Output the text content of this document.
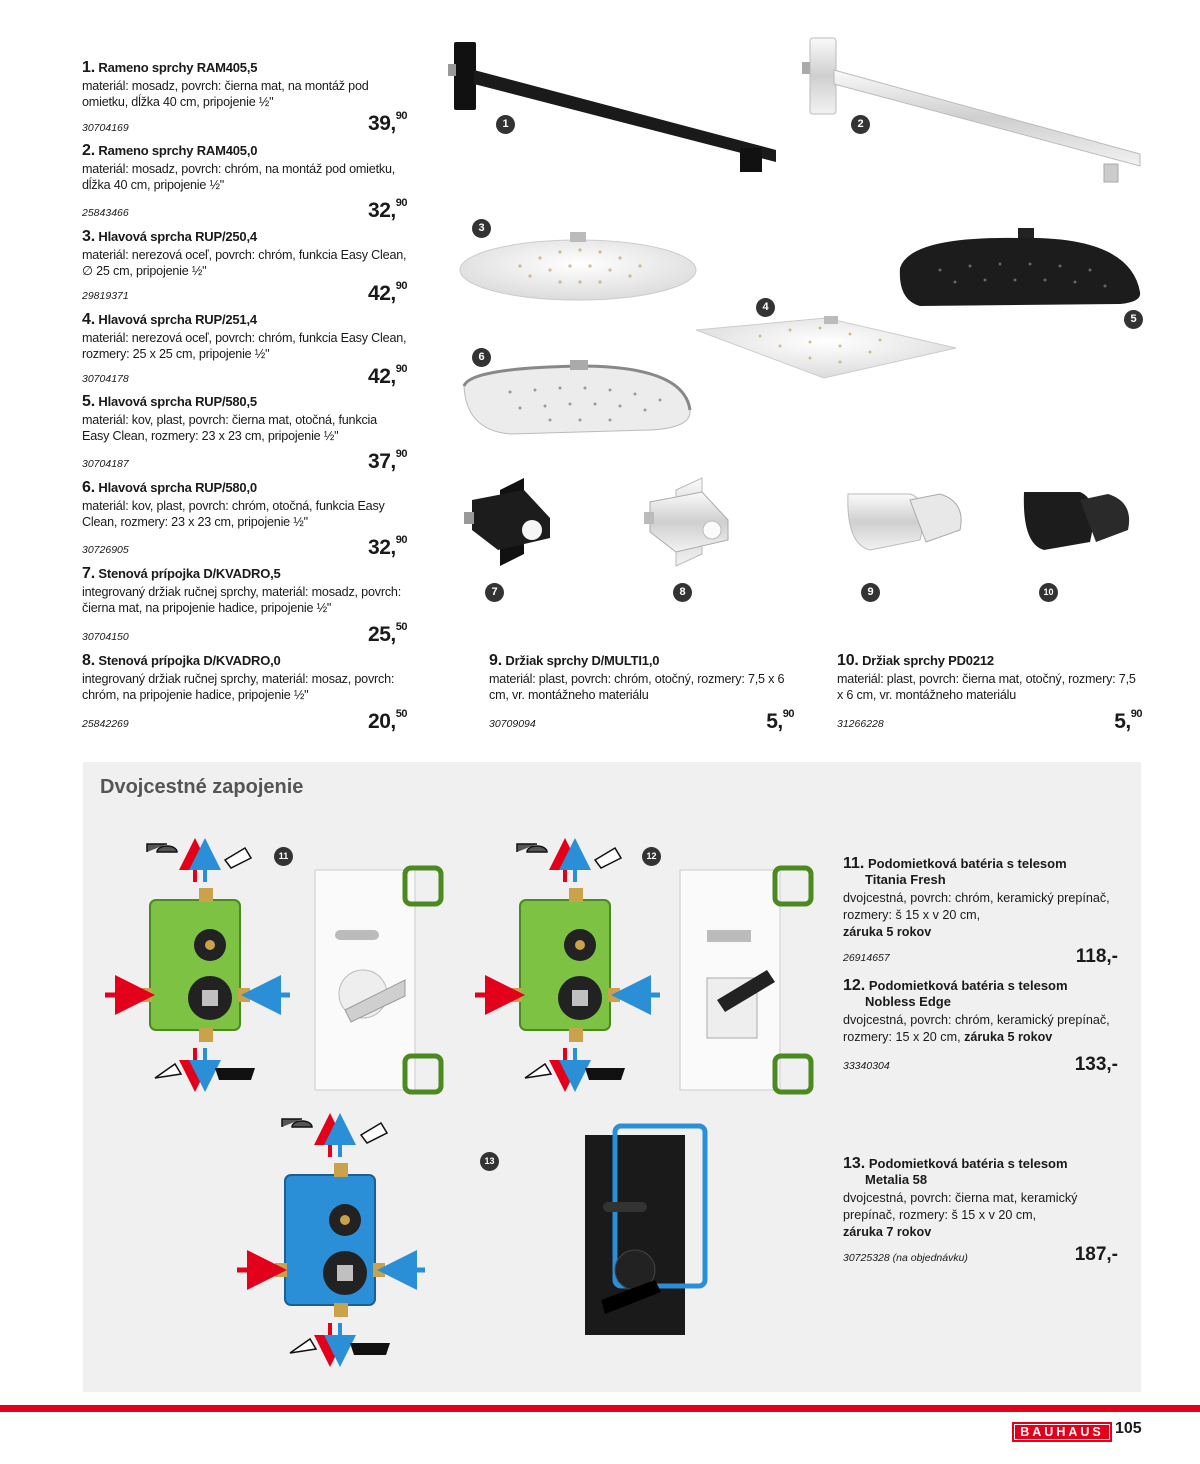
1. Rameno sprchy RAM405,5
materiál: mosadz, povrch: čierna mat, na montáž pod omietku, dĺžka 40 cm, pripojenie ½"
30704169	39,90
2. Rameno sprchy RAM405,0
materiál: mosadz, povrch: chróm, na montáž pod omietku, dĺžka 40 cm, pripojenie ½"
25843466	32,90
3. Hlavová sprcha RUP/250,4
materiál: nerezová oceľ, povrch: chróm, funkcia Easy Clean, ∅ 25 cm, pripojenie ½"
29819371	42,90
4. Hlavová sprcha RUP/251,4
materiál: nerezová oceľ, povrch: chróm, funkcia Easy Clean, rozmery: 25 x 25 cm, pripojenie ½"
30704178	42,90
5. Hlavová sprcha RUP/580,5
materiál: kov, plast, povrch: čierna mat, otočná, funkcia Easy Clean, rozmery: 23 x 23 cm, pripojenie ½"
30704187	37,90
6. Hlavová sprcha RUP/580,0
materiál: kov, plast, povrch: chróm, otočná, funkcia Easy Clean, rozmery: 23 x 23 cm, pripojenie ½"
30726905	32,90
7. Stenová prípojka D/KVADRO,5
integrovaný držiak ručnej sprchy, materiál: mosadz, povrch: čierna mat, na pripojenie hadice, pripojenie ½"
30704150	25,50
8. Stenová prípojka D/KVADRO,0
integrovaný držiak ručnej sprchy, materiál: mosaz, povrch: chróm, na pripojenie hadice, pripojenie ½"
25842269	20,50
9. Držiak sprchy D/MULTI1,0
materiál: plast, povrch: chróm, otočný, rozmery: 7,5 x 6 cm, vr. montážneho materiálu
30709094	5,90
10. Držiak sprchy PD0212
materiál: plast, povrch: čierna mat, otočný, rozmery: 7,5 x 6 cm, vr. montážneho materiálu
31266228	5,90
1	2
3
4
5
6
7	8	9	10
Dvojcestné zapojenie
11	12
13
11. Podomietková batéria s telesom
Titania Fresh
dvojcestná, povrch: chróm, keramický prepínač, rozmery: š 15 x v 20 cm,
záruka 5 rokov
26914657	118,-
12. Podomietková batéria s telesom
Nobless Edge
dvojcestná, povrch: chróm, keramický prepínač, rozmery: 15 x 20 cm, záruka 5 rokov
33340304	133,-
13. Podomietková batéria s telesom
Metalia 58
dvojcestná, povrch: čierna mat, keramický prepínač, rozmery: š 15 x v 20 cm,
záruka 7 rokov
30725328 (na objednávku)	187,-
BAUHAUS 105
